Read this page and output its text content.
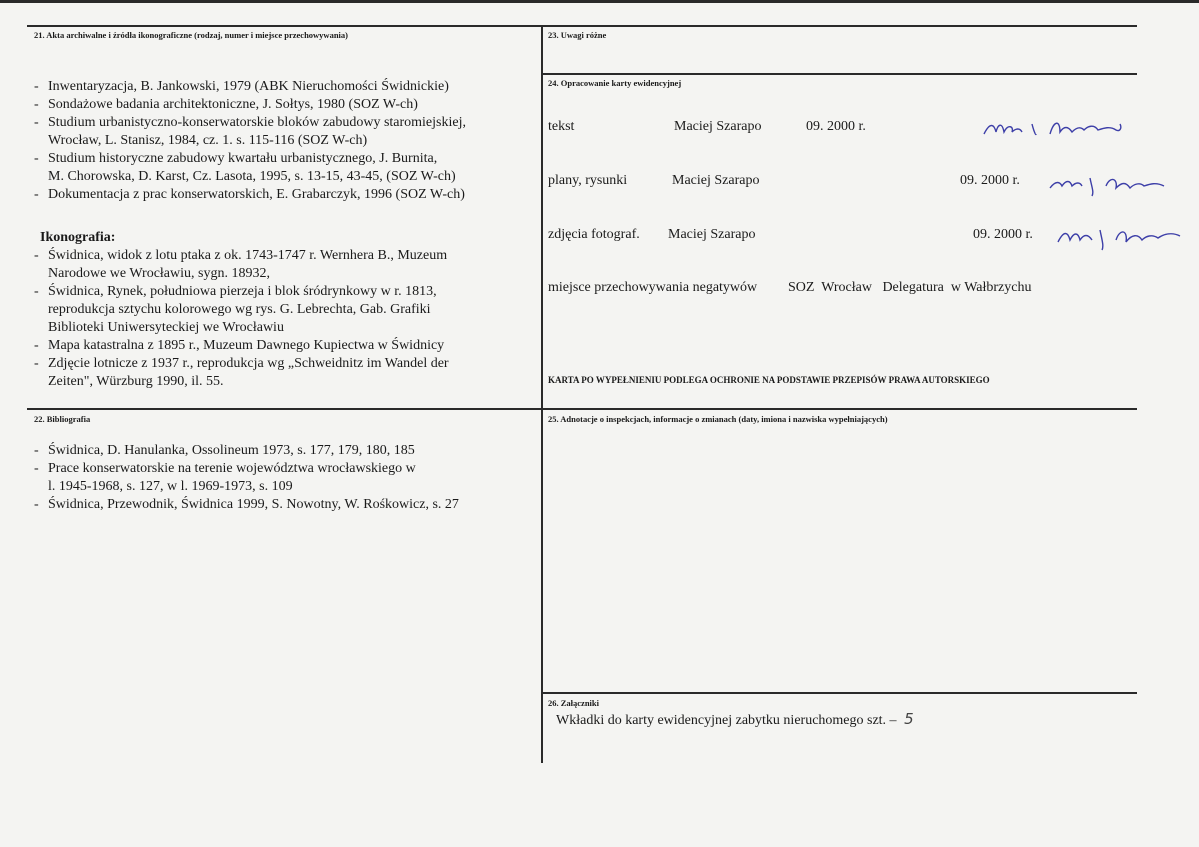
21. Akta archiwalne i źródła ikonograficzne (rodzaj, numer i miejsce przechowywania)
- Inwentaryzacja, B. Jankowski, 1979 (ABK Nieruchomości Świdnickie)
- Sondażowe badania architektoniczne, J. Sołtys, 1980 (SOZ W-ch)
- Studium urbanistyczno-konserwatorskie bloków zabudowy staromiejskiej,
Wrocław, L. Stanisz, 1984, cz. 1. s. 115-116 (SOZ W-ch)
- Studium historyczne zabudowy kwartału urbanistycznego, J. Burnita,
M. Chorowska, D. Karst, Cz. Lasota, 1995, s. 13-15, 43-45, (SOZ W-ch)
- Dokumentacja z prac konserwatorskich, E. Grabarczyk, 1996 (SOZ W-ch)
Ikonografia:
- Świdnica, widok z lotu ptaka z ok. 1743-1747 r. Wernhera B., Muzeum
Narodowe we Wrocławiu, sygn. 18932,
- Świdnica, Rynek, południowa pierzeja i blok śródrynkowy w r. 1813,
reprodukcja sztychu kolorowego wg rys. G. Lebrechta, Gab. Grafiki
Biblioteki Uniwersyteckiej we Wrocławiu
- Mapa katastralna z 1895 r., Muzeum Dawnego Kupiectwa w Świdnicy
- Zdjęcie lotnicze z 1937 r., reprodukcja wg „Schweidnitz im Wandel der
Zeiten", Würzburg 1990, il. 55.
22. Bibliografia
- Świdnica, D. Hanulanka, Ossolineum 1973, s. 177, 179, 180, 185
- Prace konserwatorskie na terenie województwa wrocławskiego w
l. 1945-1968, s. 127, w l. 1969-1973, s. 109
- Świdnica, Przewodnik, Świdnica 1999, S. Nowotny, W. Rośkowicz, s. 27
23. Uwagi różne
24. Opracowanie karty ewidencyjnej
tekst	Maciej Szarapo	09. 2000 r.
plany, rysunki	Maciej Szarapo	09. 2000 r.
zdjęcia fotograf. Maciej Szarapo	09. 2000 r.
miejsce przechowywania negatywów SOZ  Wrocław   Delegatura  w Wałbrzychu
KARTA PO WYPEŁNIENIU PODLEGA OCHRONIE NA PODSTAWIE PRZEPISÓW PRAWA AUTORSKIEGO
25. Adnotacje o inspekcjach, informacje o zmianach (daty, imiona i nazwiska wypełniających)
26. Załączniki
Wkładki do karty ewidencyjnej zabytku nieruchomego szt. – 5
